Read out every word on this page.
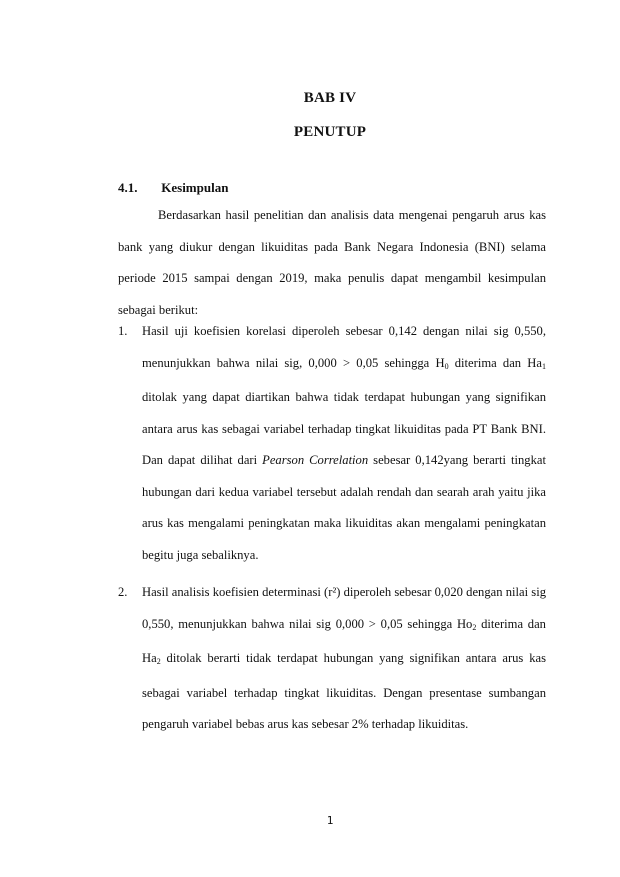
BAB IV
PENUTUP
4.1. Kesimpulan
Berdasarkan hasil penelitian dan analisis data mengenai pengaruh arus kas bank yang diukur dengan likuiditas pada Bank Negara Indonesia (BNI) selama periode 2015 sampai dengan 2019, maka penulis dapat mengambil kesimpulan sebagai berikut:
1.	Hasil uji koefisien korelasi diperoleh sebesar 0,142 dengan nilai sig 0,550, menunjukkan bahwa nilai sig, 0,000 > 0,05 sehingga $H_0$ diterima dan $Ha_1$ ditolak yang dapat diartikan bahwa tidak terdapat hubungan yang signifikan antara arus kas sebagai variabel terhadap tingkat likuiditas pada PT Bank BNI. Dan dapat dilihat dari Pearson Correlation sebesar 0,142yang berarti tingkat hubungan dari kedua variabel tersebut adalah rendah dan searah arah yaitu jika arus kas mengalami peningkatan maka likuiditas akan mengalami peningkatan begitu juga sebaliknya.
2.	Hasil analisis koefisien determinasi (r²) diperoleh sebesar 0,020 dengan nilai sig 0,550, menunjukkan bahwa nilai sig 0,000 > 0,05 sehingga $Ho_2$ diterima dan $Ha_2$ ditolak berarti tidak terdapat hubungan yang signifikan antara arus kas sebagai variabel terhadap tingkat likuiditas. Dengan presentase sumbangan pengaruh variabel bebas arus kas sebesar 2% terhadap likuiditas.
1
